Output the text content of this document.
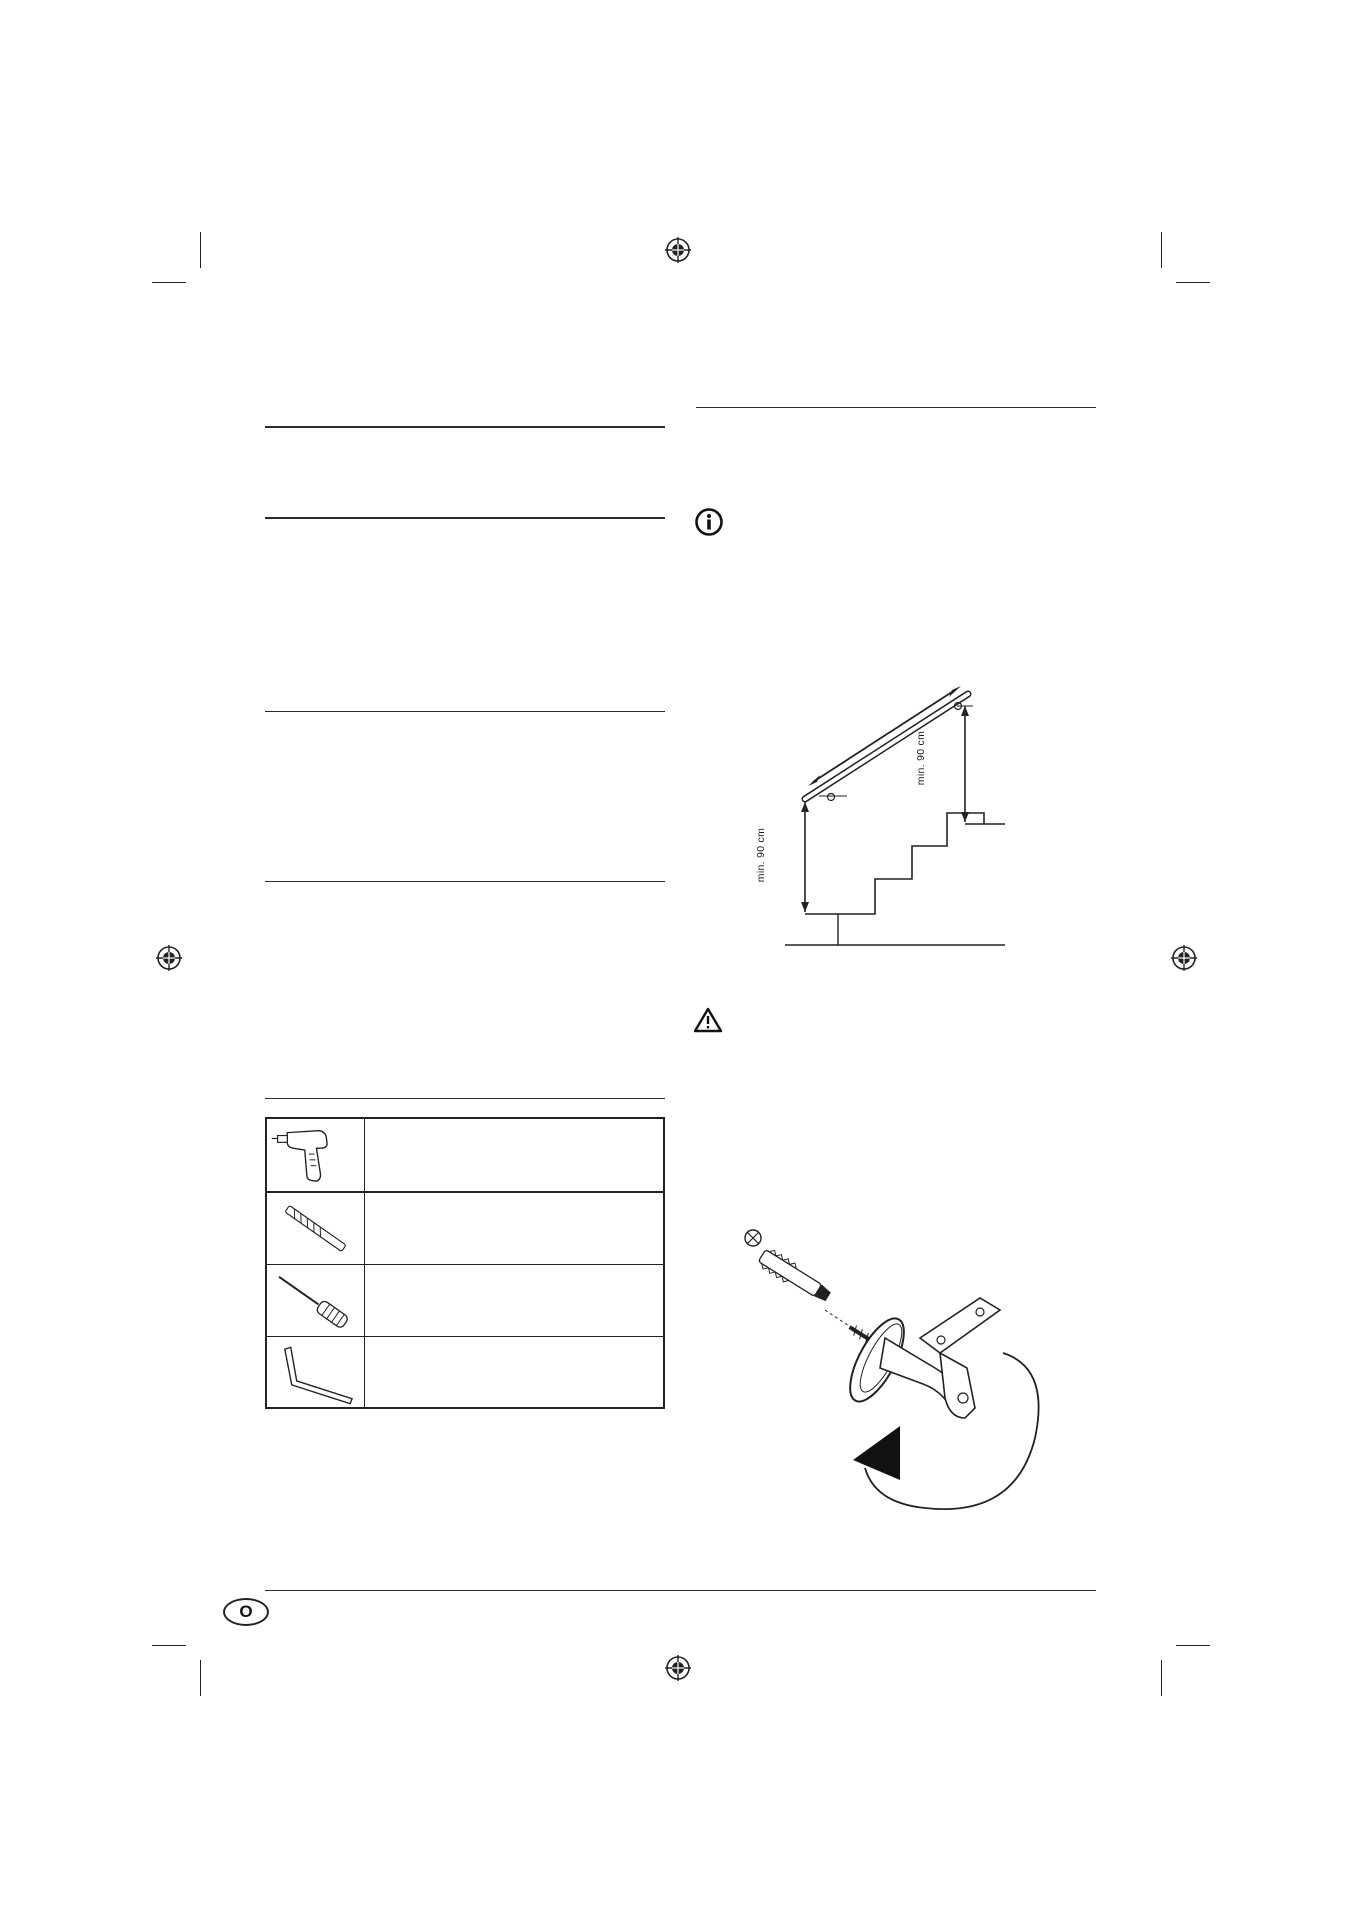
min. 90 cm
min. 90 cm
O
